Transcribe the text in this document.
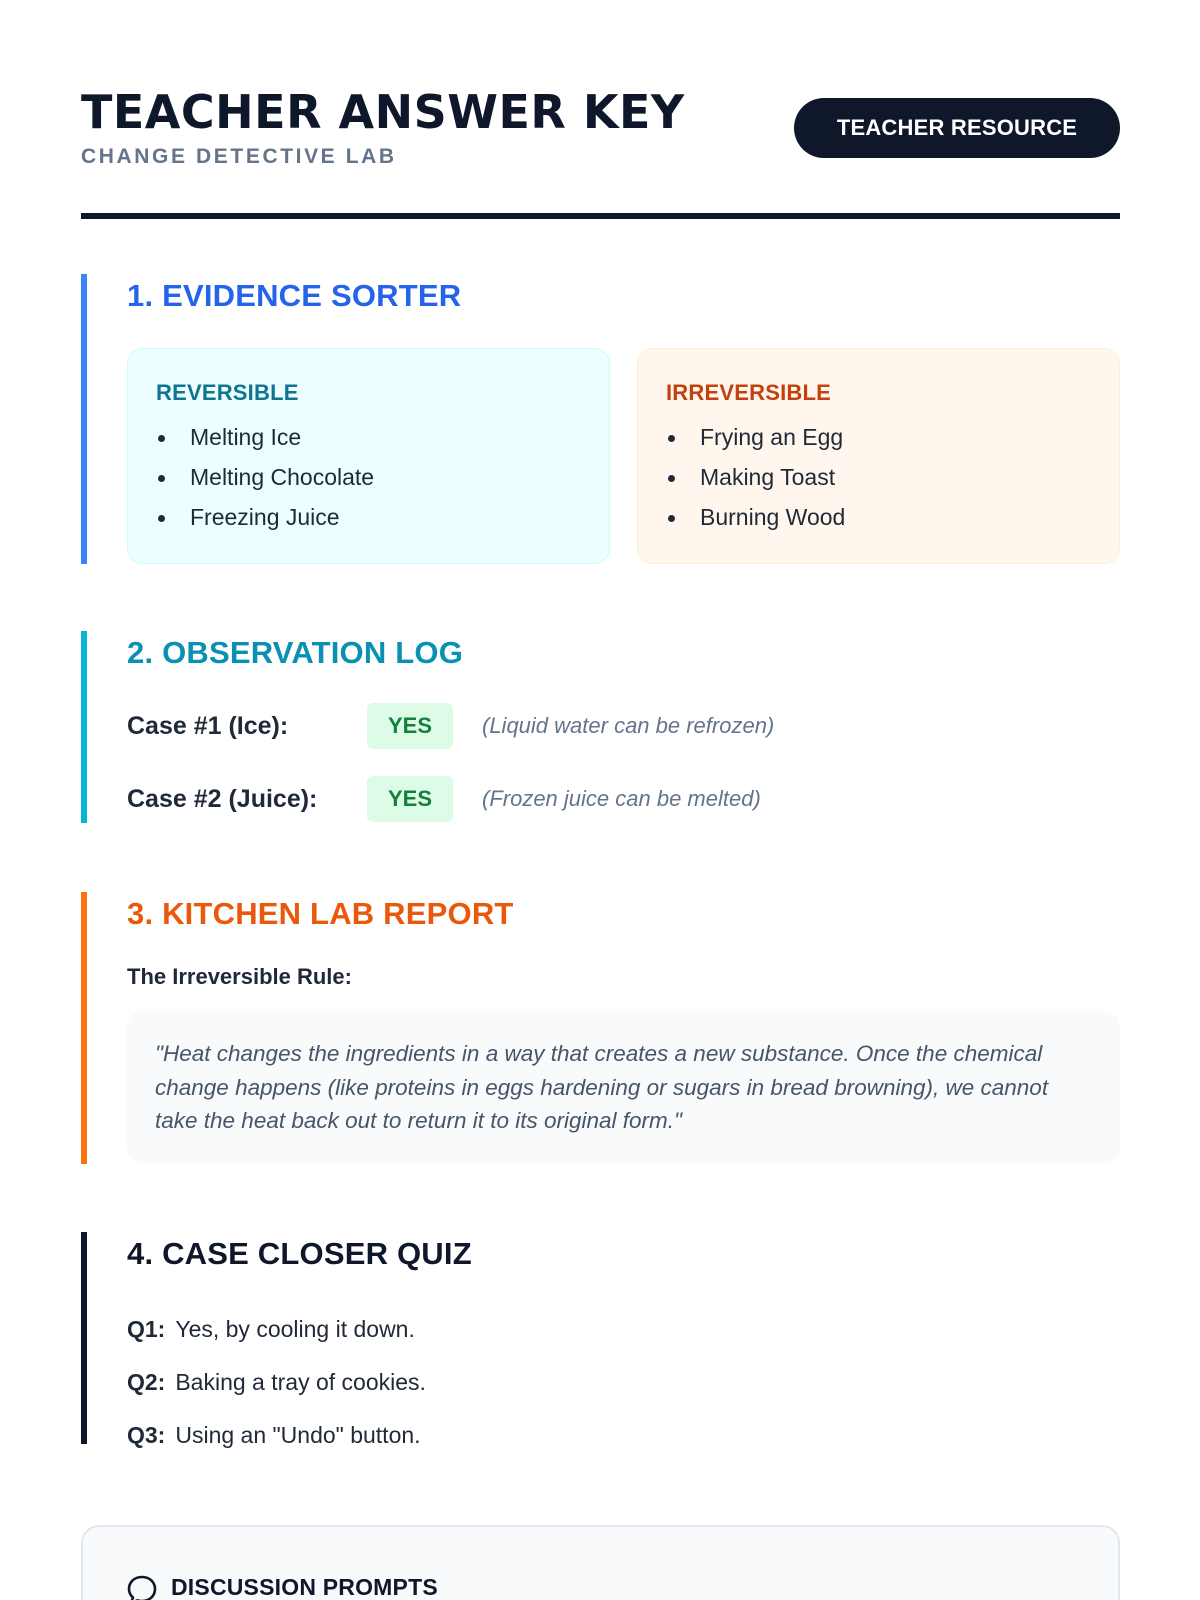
TEACHER ANSWER KEY
CHANGE DETECTIVE LAB
TEACHER RESOURCE
1. EVIDENCE SORTER
REVERSIBLE
Melting Ice
Melting Chocolate
Freezing Juice
IRREVERSIBLE
Frying an Egg
Making Toast
Burning Wood
2. OBSERVATION LOG
Case #1 (Ice):	YES	(Liquid water can be refrozen)
Case #2 (Juice):	YES	(Frozen juice can be melted)
3. KITCHEN LAB REPORT
The Irreversible Rule:
"Heat changes the ingredients in a way that creates a new substance. Once the chemical change happens (like proteins in eggs hardening or sugars in bread browning), we cannot take the heat back out to return it to its original form."
4. CASE CLOSER QUIZ
Q1: Yes, by cooling it down.
Q2: Baking a tray of cookies.
Q3: Using an "Undo" button.
DISCUSSION PROMPTS
